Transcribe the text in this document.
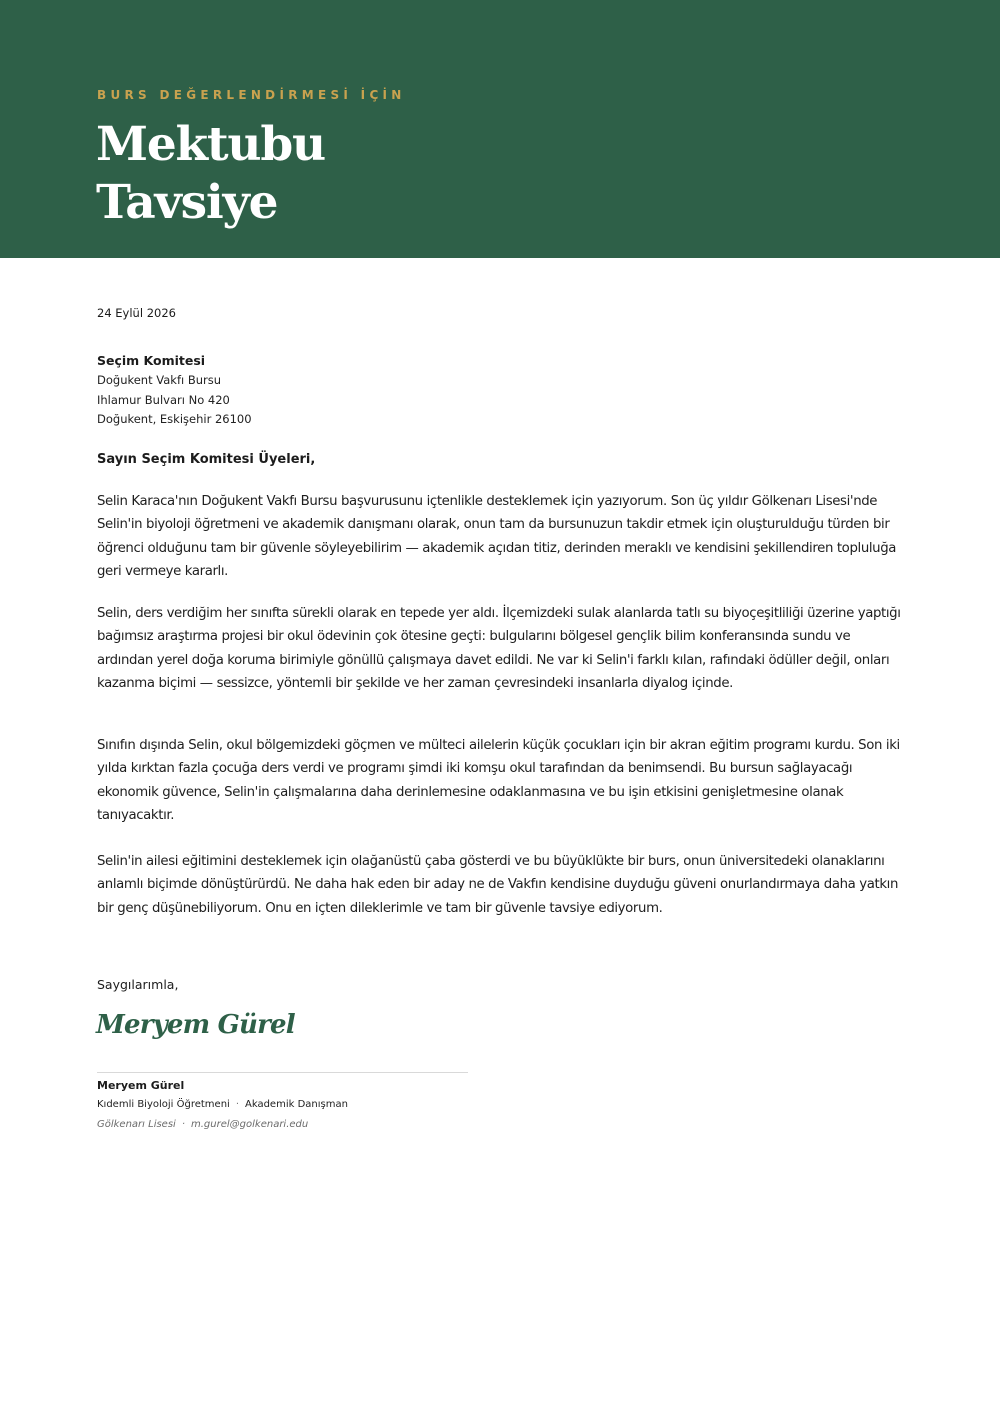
BURS DEĞERLENDİRMESİ İÇİN
Mektubu
Tavsiye
24 Eylül 2026
Seçim Komitesi
Doğukent Vakfı Bursu
Ihlamur Bulvarı No 420
Doğukent, Eskişehir 26100
Sayın Seçim Komitesi Üyeleri,

Selin Karaca'nın Doğukent Vakfı Bursu başvurusunu içtenlikle desteklemek için yazıyorum. Son üç yıldır Gölkenarı Lisesi'nde Selin'in biyoloji öğretmeni ve akademik danışmanı olarak, onun tam da bursunuzun takdir etmek için oluşturulduğu türden bir öğrenci olduğunu tam bir güvenle söyleyebilirim — akademik açıdan titiz, derinden meraklı ve kendisini şekillendiren topluluğa geri vermeye kararlı.

Selin, ders verdiğim her sınıfta sürekli olarak en tepede yer aldı. İlçemizdeki sulak alanlarda tatlı su biyoçeşitliliği üzerine yaptığı bağımsız araştırma projesi bir okul ödevinin çok ötesine geçti: bulgularını bölgesel gençlik bilim konferansında sundu ve ardından yerel doğa koruma birimiyle gönüllü çalışmaya davet edildi. Ne var ki Selin'i farklı kılan, rafındaki ödüller değil, onları kazanma biçimi — sessizce, yöntemli bir şekilde ve her zaman çevresindeki insanlarla diyalog içinde.

Sınıfın dışında Selin, okul bölgemizdeki göçmen ve mülteci ailelerin küçük çocukları için bir akran eğitim programı kurdu. Son iki yılda kırktan fazla çocuğa ders verdi ve programı şimdi iki komşu okul tarafından da benimsendi. Bu bursun sağlayacağı ekonomik güvence, Selin'in çalışmalarına daha derinlemesine odaklanmasına ve bu işin etkisini genişletmesine olanak tanıyacaktır.

Selin'in ailesi eğitimini desteklemek için olağanüstü çaba gösterdi ve bu büyüklükte bir burs, onun üniversitedeki olanaklarını anlamlı biçimde dönüştürürdü. Ne daha hak eden bir aday ne de Vakfın kendisine duyduğu güveni onurlandırmaya daha yatkın bir genç düşünebiliyorum. Onu en içten dileklerimle ve tam bir güvenle tavsiye ediyorum.

Saygılarımla,
Meryem Gürel
Meryem Gürel
Kıdemli Biyoloji Öğretmeni · Akademik Danışman
Gölkenarı Lisesi · m.gurel@golkenari.edu
